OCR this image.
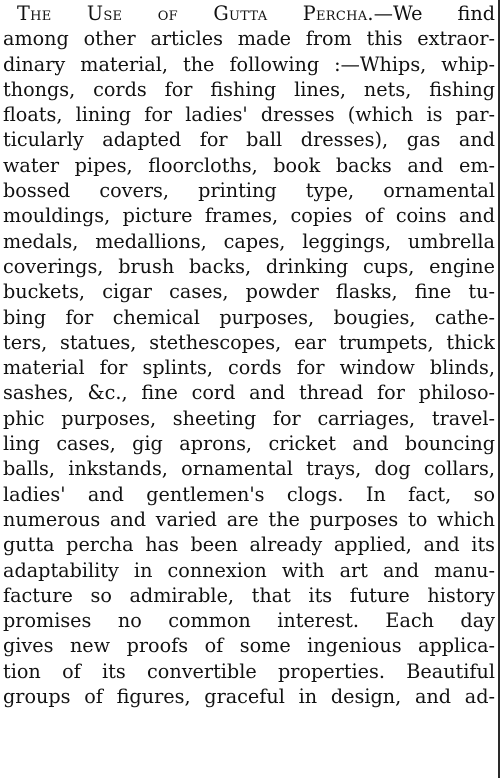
The Use of Gutta Percha.—We find
among other articles made from this extraor-
dinary material, the following :—Whips, whip-
thongs, cords for fishing lines, nets, fishing
floats, lining for ladies' dresses (which is par-
ticularly adapted for ball dresses), gas and
water pipes, floorcloths, book backs and em-
bossed covers, printing type, ornamental
mouldings, picture frames, copies of coins and
medals, medallions, capes, leggings, umbrella
coverings, brush backs, drinking cups, engine
buckets, cigar cases, powder flasks, fine tu-
bing for chemical purposes, bougies, cathe-
ters, statues, stethescopes, ear trumpets, thick
material for splints, cords for window blinds,
sashes, &c., fine cord and thread for philoso-
phic purposes, sheeting for carriages, travel-
ling cases, gig aprons, cricket and bouncing
balls, inkstands, ornamental trays, dog collars,
ladies' and gentlemen's clogs. In fact, so
numerous and varied are the purposes to which
gutta percha has been already applied, and its
adaptability in connexion with art and manu-
facture so admirable, that its future history
promises no common interest. Each day
gives new proofs of some ingenious applica-
tion of its convertible properties. Beautiful
groups of figures, graceful in design, and ad-
